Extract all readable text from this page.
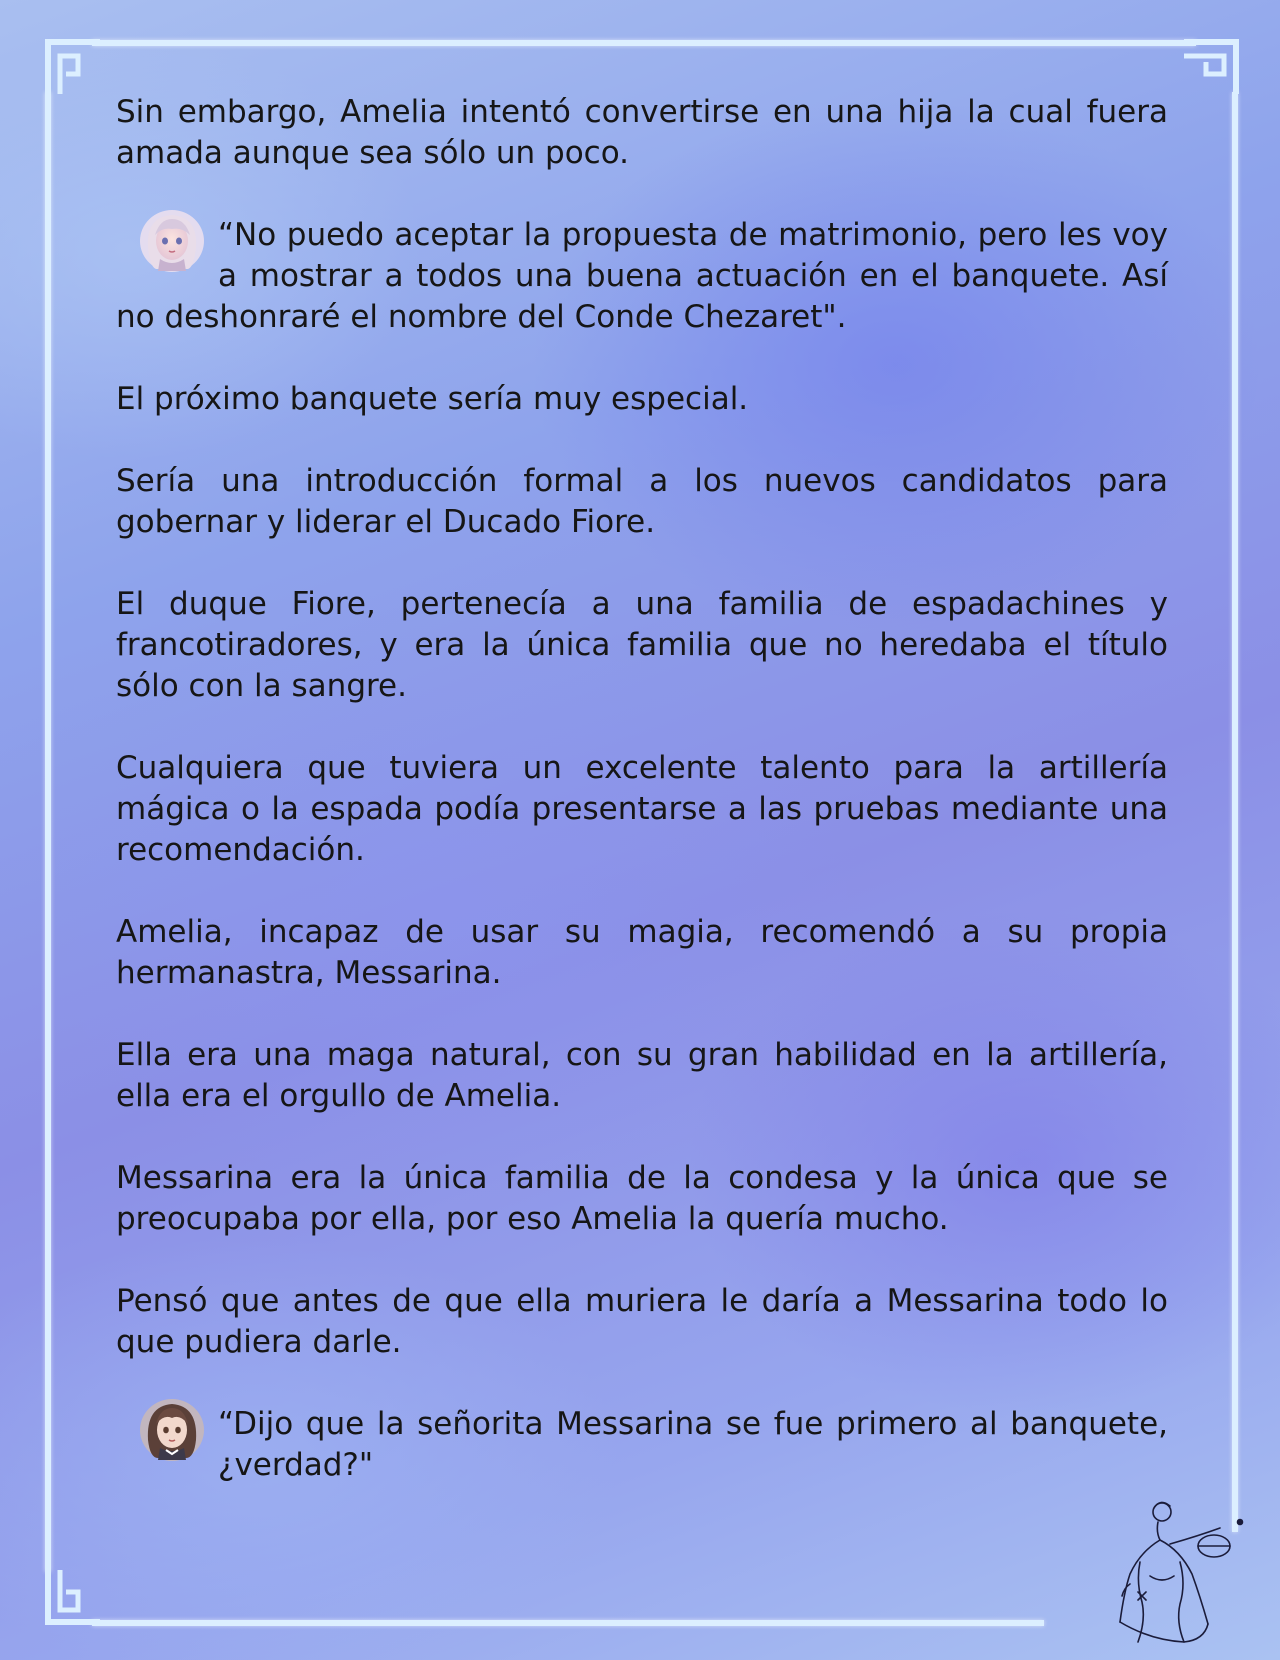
Sin embargo, Amelia intentó convertirse en una hija la cual fuera amada aunque sea sólo un poco.

“No puedo aceptar la propuesta de matrimonio, pero les voy a mostrar a todos una buena actuación en el banquete. Así no deshonraré el nombre del Conde Chezaret".

El próximo banquete sería muy especial.

Sería una introducción formal a los nuevos candidatos para gobernar y liderar el Ducado Fiore.

El duque Fiore, pertenecía a una familia de espadachines y francotiradores, y era la única familia que no heredaba el título sólo con la sangre.

Cualquiera que tuviera un excelente talento para la artillería mágica o la espada podía presentarse a las pruebas mediante una recomendación.

Amelia, incapaz de usar su magia, recomendó a su propia hermanastra, Messarina.

Ella era una maga natural, con su gran habilidad en la artillería, ella era el orgullo de Amelia.

Messarina era la única familia de la condesa y la única que se preocupaba por ella, por eso Amelia la quería mucho.

Pensó que antes de que ella muriera le daría a Messarina todo lo que pudiera darle.

“Dijo que la señorita Messarina se fue primero al banquete, ¿verdad?"
